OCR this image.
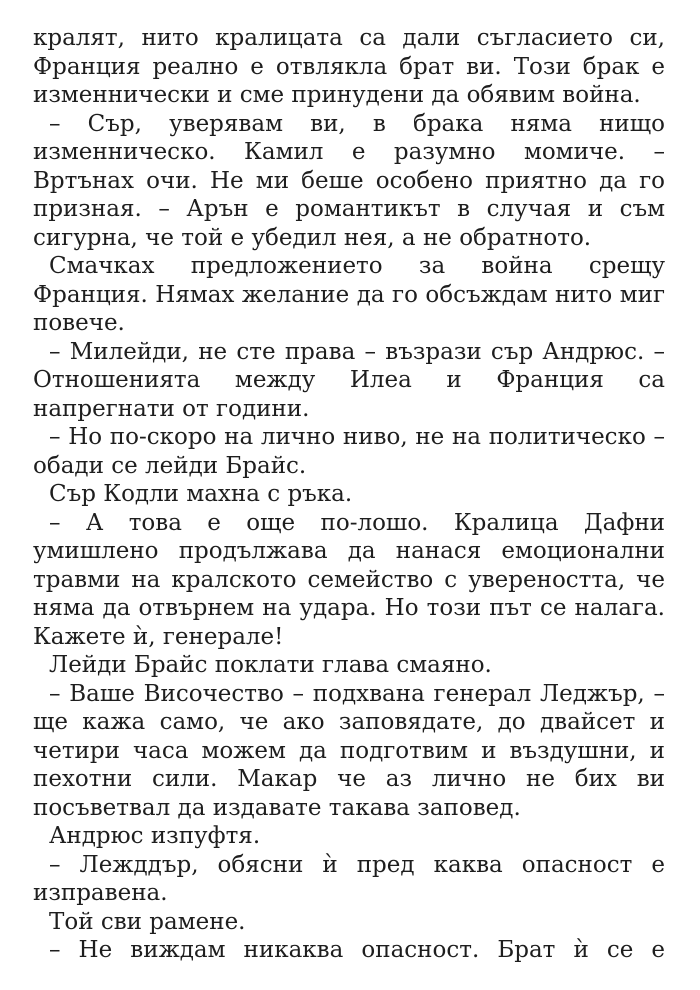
кралят, нито кралицата са дали съгласието си, Франция реално е отвлякла брат ви. Този брак е изменнически и сме принудени да обявим война.

– Сър, уверявам ви, в брака няма нищо изменническо. Камил е разумно момиче. – Вртънах очи. Не ми беше особено приятно да го призная. – Арън е романтикът в случая и съм сигурна, че той е убедил нея, а не обратното.

Смачках предложението за война срещу Франция. Нямах желание да го обсъждам нито миг повече.

– Милейди, не сте права – възрази сър Андрюс. – Отношенията между Илеа и Франция са напрегнати от години.

– Но по-скоро на лично ниво, не на политическо – обади се лейди Брайс.

Сър Кодли махна с ръка.

– А това е още по-лошо. Кралица Дафни умишлено продължава да нанася емоционални травми на кралското семейство с увереността, че няма да отвърнем на удара. Но този път се налага. Кажете ѝ, генерале!

Лейди Брайс поклати глава смаяно.

– Ваше Височество – подхвана генерал Леджър, – ще кажа само, че ако заповядате, до двайсет и четири часа можем да подготвим и въздушни, и пехотни сили. Макар че аз лично не бих ви посъветвал да издавате такава заповед.

Андрюс изпуфтя.

– Лежддър, обясни ѝ пред каква опасност е изправена.

Той сви рамене.

– Не виждам никаква опасност. Брат ѝ се е
